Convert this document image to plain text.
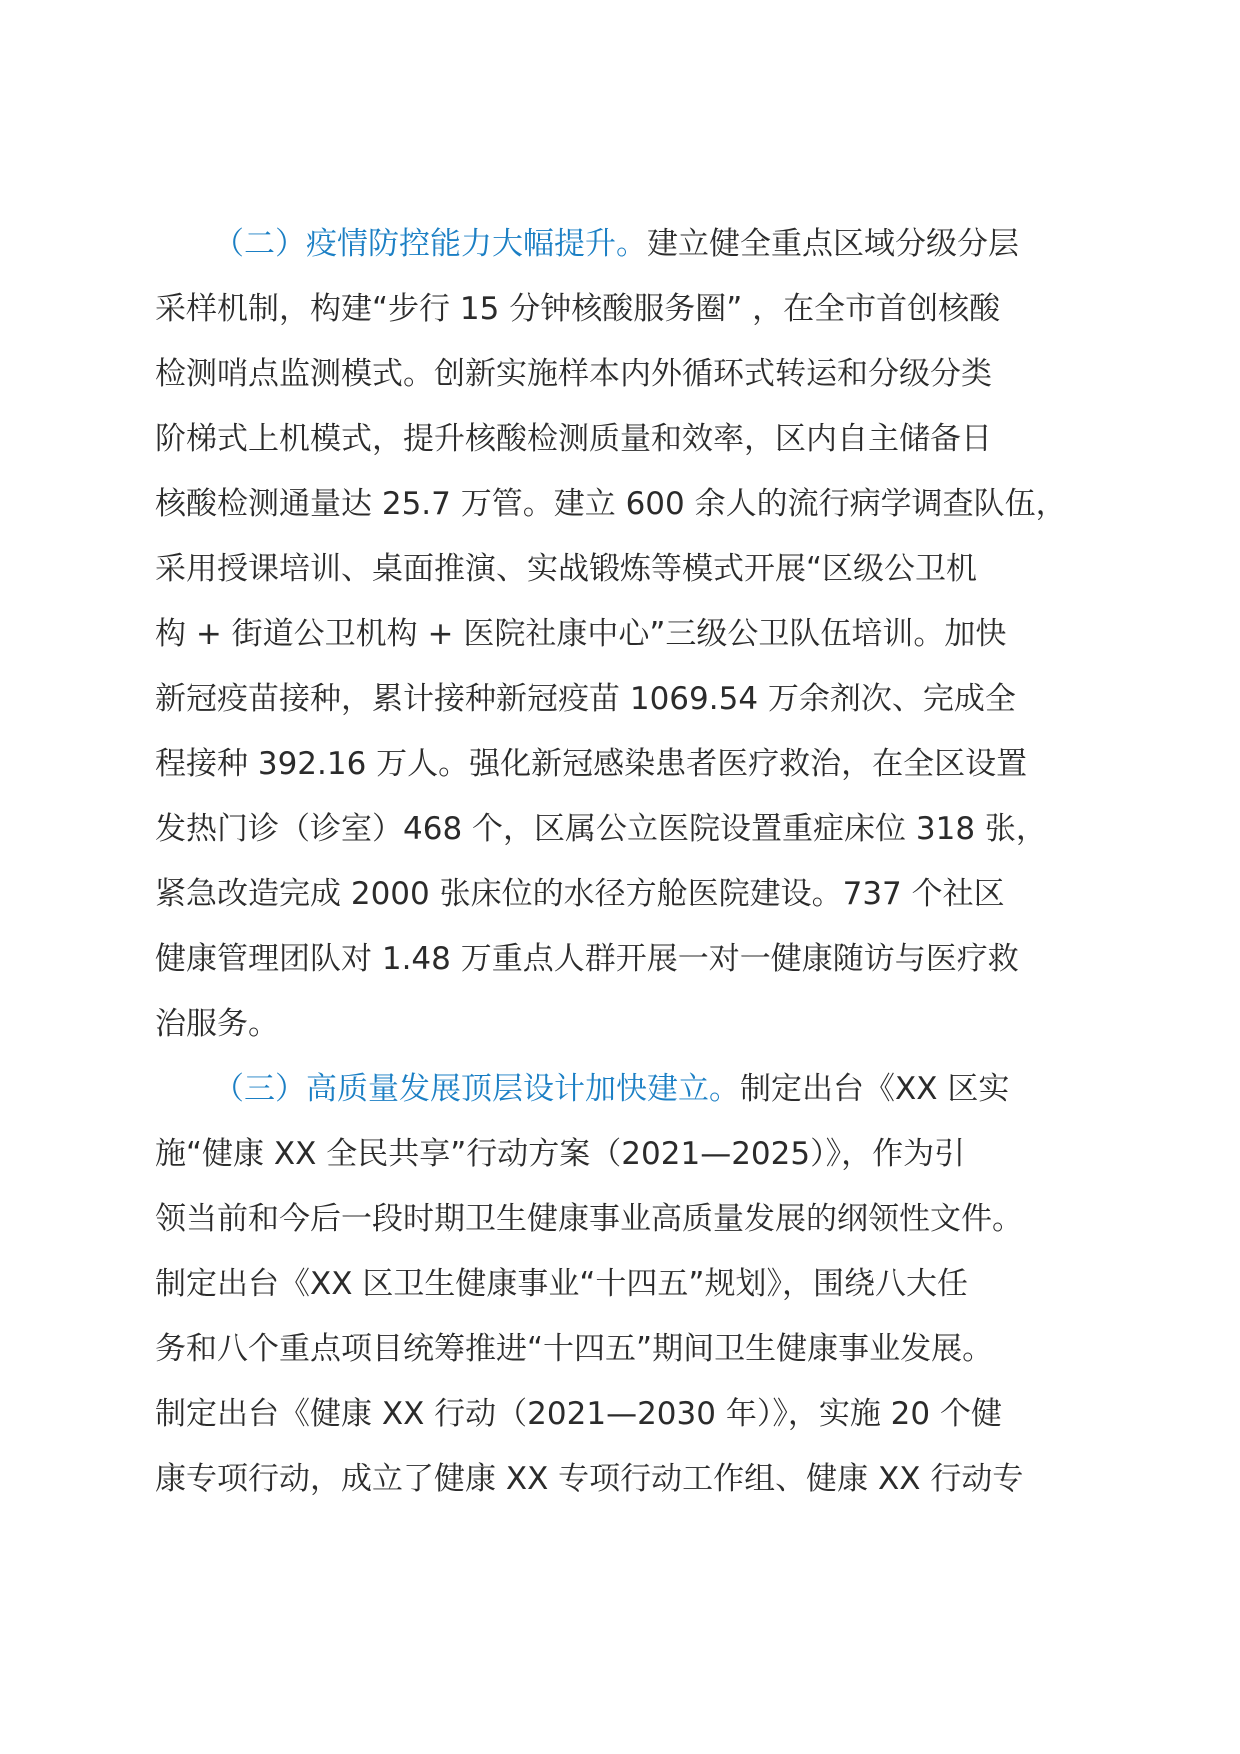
（二）疫情防控能力大幅提升。建立健全重点区域分级分层
采样机制，构建“步行 15 分钟核酸服务圈” ，在全市首创核酸
检测哨点监测模式。创新实施样本内外循环式转运和分级分类
阶梯式上机模式，提升核酸检测质量和效率，区内自主储备日
核酸检测通量达 25.7 万管。建立 600 余人的流行病学调查队伍，
采用授课培训、桌面推演、实战锻炼等模式开展“区级公卫机
构 + 街道公卫机构 + 医院社康中心”三级公卫队伍培训。加快
新冠疫苗接种，累计接种新冠疫苗 1069.54 万余剂次、完成全
程接种 392.16 万人。强化新冠感染患者医疗救治，在全区设置
发热门诊（诊室）468 个，区属公立医院设置重症床位 318 张，
紧急改造完成 2000 张床位的水径方舱医院建设。737 个社区
健康管理团队对 1.48 万重点人群开展一对一健康随访与医疗救
治服务。
（三）高质量发展顶层设计加快建立。制定出台《XX 区实
施“健康 XX 全民共享”行动方案（2021—2025）》，作为引
领当前和今后一段时期卫生健康事业高质量发展的纲领性文件。
制定出台《XX 区卫生健康事业“十四五”规划》，围绕八大任
务和八个重点项目统筹推进“十四五”期间卫生健康事业发展。
制定出台《健康 XX 行动（2021—2030 年）》，实施 20 个健
康专项行动，成立了健康 XX 专项行动工作组、健康 XX 行动专
